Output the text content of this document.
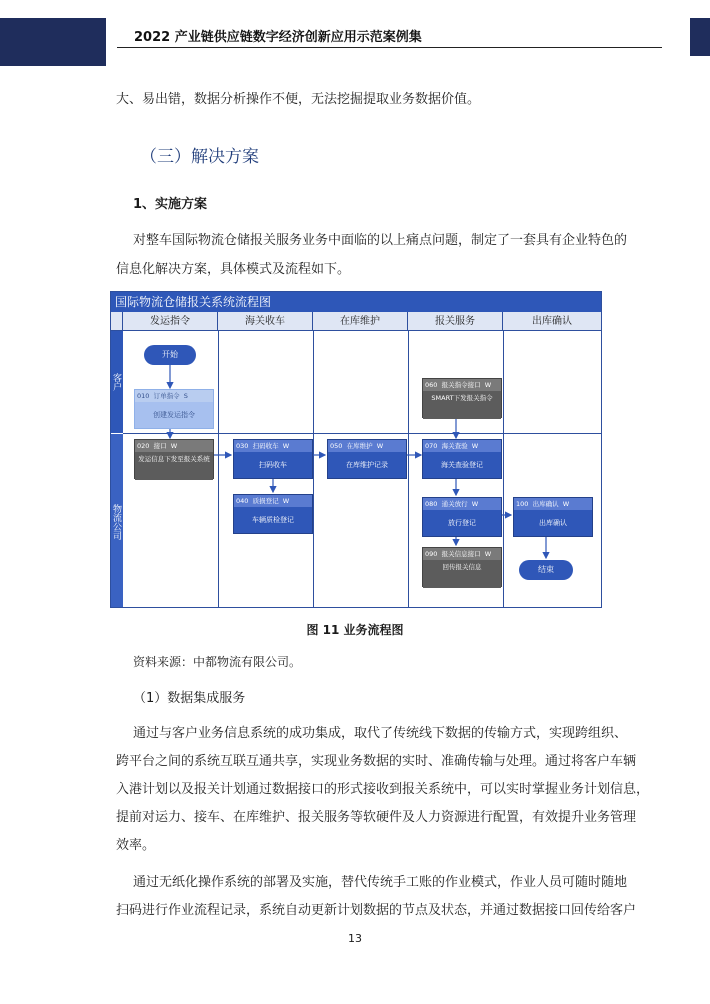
2022 产业链供应链数字经济创新应用示范案例集
大、易出错，数据分析操作不便，无法挖掘提取业务数据价值。
（三）解决方案
1、实施方案
对整车国际物流仓储报关服务业务中面临的以上痛点问题，制定了一套具有企业特色的
信息化解决方案，具体模式及流程如下。
国际物流仓储报关系统流程图
发运指令	海关收车	在库维护	报关服务	出库确认
客户
物流公司
开始
010 订单指令 S
创建发运指令
020 接口 W
发运信息下发至报关系统
030 扫码收车 W
扫码收车
040 质损登记 W
车辆质检登记
050 在库维护 W
在库维护记录
060 报关指令接口 W
SMART下发报关指令
070 海关查验 W
海关查验登记
080 通关放行 W
放行登记
090 报关信息接口 W
回传报关信息
100 出库确认 W
出库确认
结束
图 11 业务流程图
资料来源：中都物流有限公司。
（1）数据集成服务
通过与客户业务信息系统的成功集成，取代了传统线下数据的传输方式，实现跨组织、
跨平台之间的系统互联互通共享，实现业务数据的实时、准确传输与处理。通过将客户车辆
入港计划以及报关计划通过数据接口的形式接收到报关系统中，可以实时掌握业务计划信息，
提前对运力、接车、在库维护、报关服务等软硬件及人力资源进行配置，有效提升业务管理
效率。
通过无纸化操作系统的部署及实施，替代传统手工账的作业模式，作业人员可随时随地
扫码进行作业流程记录，系统自动更新计划数据的节点及状态，并通过数据接口回传给客户
13
